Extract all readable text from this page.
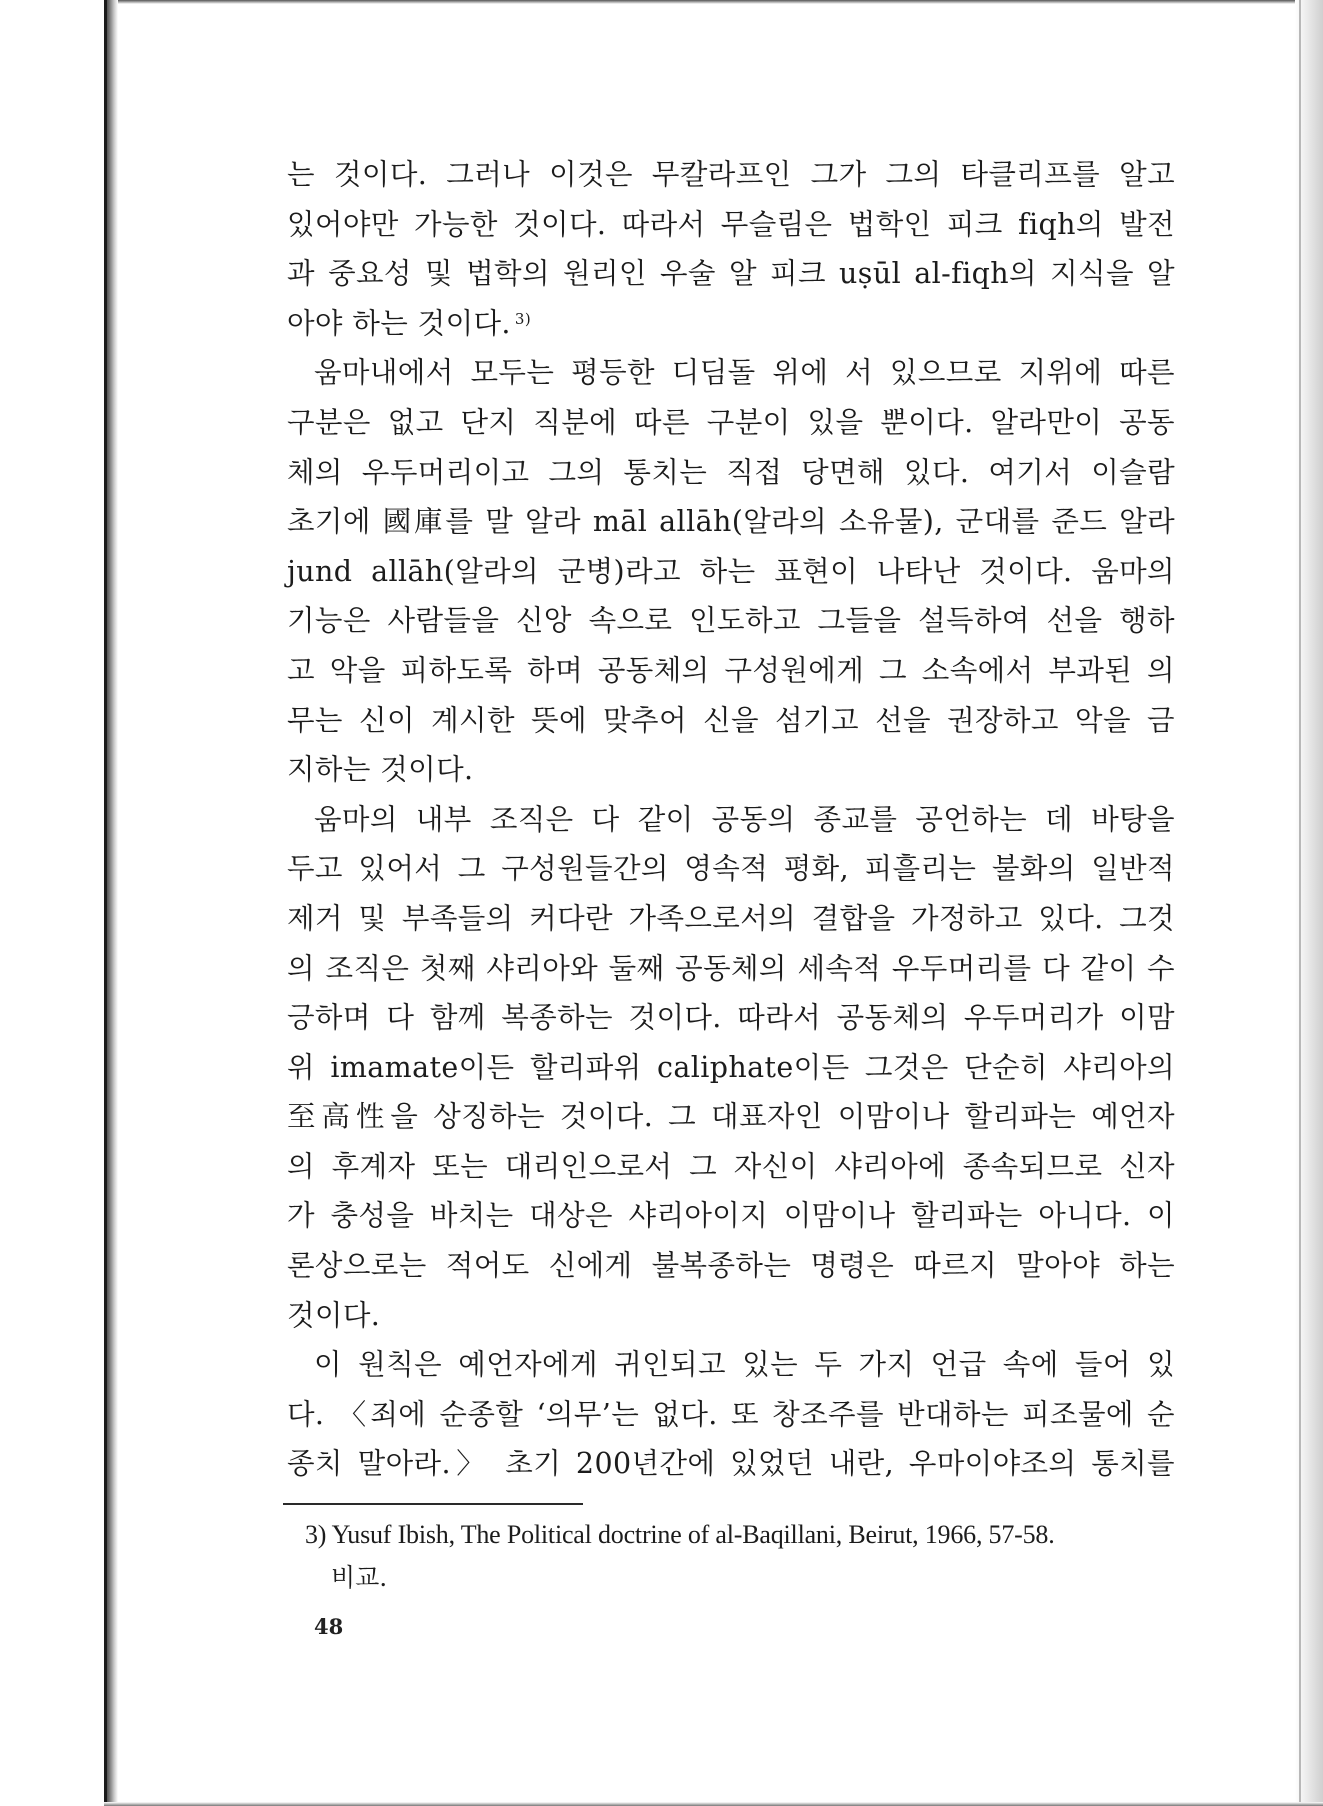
는 것이다. 그러나 이것은 무칼라프인 그가 그의 타클리프를 알고
있어야만 가능한 것이다. 따라서 무슬림은 법학인 피크 fiqh의 발전
과 중요성 및 법학의 원리인 우술 알 피크 uṣūl al-fiqh의 지식을 알
아야 하는 것이다. $^{3)}$
움마내에서 모두는 평등한 디딤돌 위에 서 있으므로 지위에 따른
구분은 없고 단지 직분에 따른 구분이 있을 뿐이다. 알라만이 공동
체의 우두머리이고 그의 통치는 직접 당면해 있다. 여기서 이슬람
초기에 國庫를 말 알라 māl allāh(알라의 소유물), 군대를 준드 알라
jund allāh(알라의 군병)라고 하는 표현이 나타난 것이다. 움마의
기능은 사람들을 신앙 속으로 인도하고 그들을 설득하여 선을 행하
고 악을 피하도록 하며 공동체의 구성원에게 그 소속에서 부과된 의
무는 신이 계시한 뜻에 맞추어 신을 섬기고 선을 권장하고 악을 금
지하는 것이다.
움마의 내부 조직은 다 같이 공동의 종교를 공언하는 데 바탕을
두고 있어서 그 구성원들간의 영속적 평화, 피흘리는 불화의 일반적
제거 및 부족들의 커다란 가족으로서의 결합을 가정하고 있다. 그것
의 조직은 첫째 샤리아와 둘째 공동체의 세속적 우두머리를 다 같이 수
긍하며 다 함께 복종하는 것이다. 따라서 공동체의 우두머리가 이맘
위 imamate이든 할리파위 caliphate이든 그것은 단순히 샤리아의
至高性을 상징하는 것이다. 그 대표자인 이맘이나 할리파는 예언자
의 후계자 또는 대리인으로서 그 자신이 샤리아에 종속되므로 신자
가 충성을 바치는 대상은 샤리아이지 이맘이나 할리파는 아니다. 이
론상으로는 적어도 신에게 불복종하는 명령은 따르지 말아야 하는
것이다.
이 원칙은 예언자에게 귀인되고 있는 두 가지 언급 속에 들어 있
다. 〈죄에 순종할 ‘의무’는 없다. 또 창조주를 반대하는 피조물에 순
종치 말아라.〉 초기 200년간에 있었던 내란, 우마이야조의 통치를
3) Yusuf Ibish, The Political doctrine of al-Baqillani, Beirut, 1966, 57-58.
비교.
48
